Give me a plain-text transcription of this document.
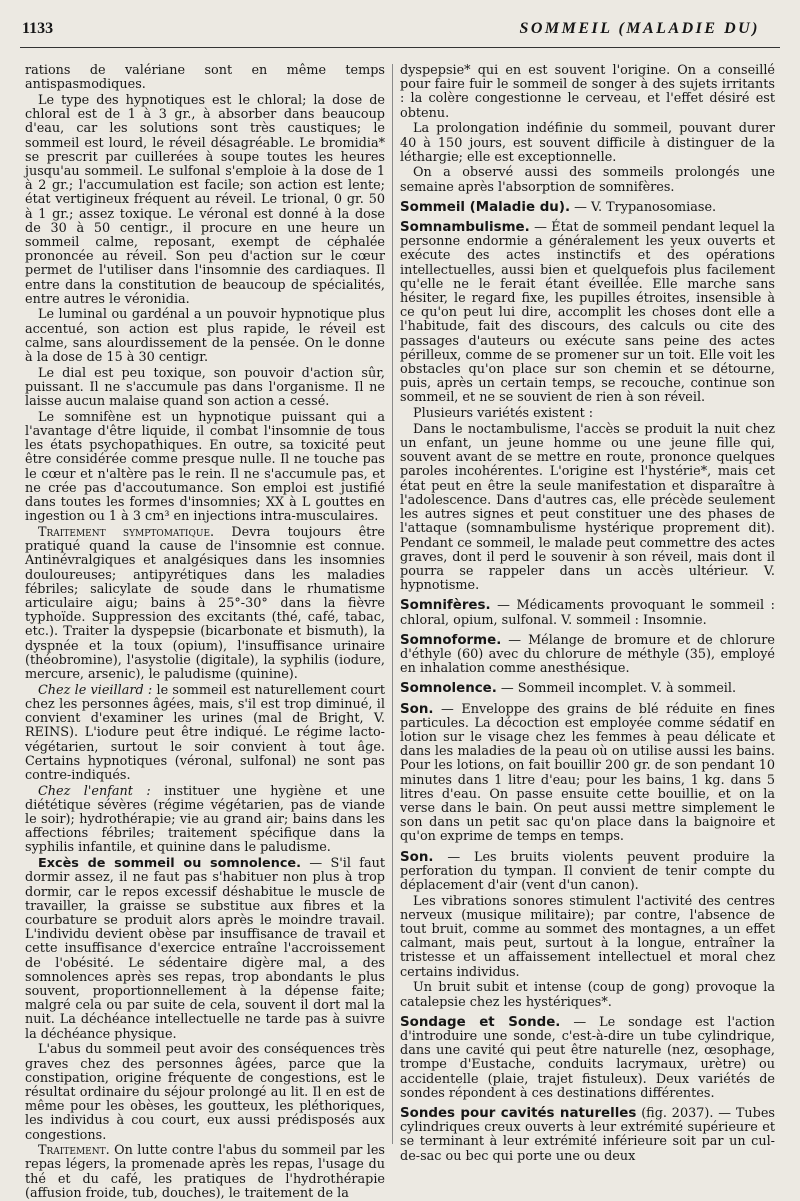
1133	SOMMEIL (MALADIE DU)

rations de valériane sont en même temps antispasmodiques.

Le type des hypnotiques est le chloral; la dose de chloral est de 1 à 3 gr., à absorber dans beaucoup d'eau, car les solutions sont très caustiques; le sommeil est lourd, le réveil désagréable. Le bromidia* se prescrit par cuillerées à soupe toutes les heures jusqu'au sommeil. Le sulfonal s'emploie à la dose de 1 à 2 gr.; l'accumulation est facile; son action est lente; état vertigineux fréquent au réveil. Le trional, 0 gr. 50 à 1 gr.; assez toxique. Le véronal est donné à la dose de 30 à 50 centigr., il procure en une heure un sommeil calme, reposant, exempt de céphalée prononcée au réveil. Son peu d'action sur le cœur permet de l'utiliser dans l'insomnie des cardiaques. Il entre dans la constitution de beaucoup de spécialités, entre autres le véronidia.

Le luminal ou gardénal a un pouvoir hypnotique plus accentué, son action est plus rapide, le réveil est calme, sans alourdissement de la pensée. On le donne à la dose de 15 à 30 centigr.

Le dial est peu toxique, son pouvoir d'action sûr, puissant. Il ne s'accumule pas dans l'organisme. Il ne laisse aucun malaise quand son action a cessé.

Le somnifène est un hypnotique puissant qui a l'avantage d'être liquide, il combat l'insomnie de tous les états psychopathiques. En outre, sa toxicité peut être considérée comme presque nulle. Il ne touche pas le cœur et n'altère pas le rein. Il ne s'accumule pas, et ne crée pas d'accoutumance. Son emploi est justifié dans toutes les formes d'insomnies; XX à L gouttes en ingestion ou 1 à 3 cm³ en injections intra-musculaires.

Traitement symptomatique. Devra toujours être pratiqué quand la cause de l'insomnie est connue. Antinévralgiques et analgésiques dans les insomnies douloureuses; antipyrétiques dans les maladies fébriles; salicylate de soude dans le rhumatisme articulaire aigu; bains à 25°-30° dans la fièvre typhoïde. Suppression des excitants (thé, café, tabac, etc.). Traiter la dyspepsie (bicarbonate et bismuth), la dyspnée et la toux (opium), l'insuffisance urinaire (théobromine), l'asystolie (digitale), la syphilis (iodure, mercure, arsenic), le paludisme (quinine).

Chez le vieillard : le sommeil est naturellement court chez les personnes âgées, mais, s'il est trop diminué, il convient d'examiner les urines (mal de Bright, V. REINS). L'iodure peut être indiqué. Le régime lacto-végétarien, surtout le soir convient à tout âge. Certains hypnotiques (véronal, sulfonal) ne sont pas contre-indiqués.

Chez l'enfant : instituer une hygiène et une diététique sévères (régime végétarien, pas de viande le soir); hydrothérapie; vie au grand air; bains dans les affections fébriles; traitement spécifique dans la syphilis infantile, et quinine dans le paludisme.

Excès de sommeil ou somnolence. — S'il faut dormir assez, il ne faut pas s'habituer non plus à trop dormir, car le repos excessif déshabitue le muscle de travailler, la graisse se substitue aux fibres et la courbature se produit alors après le moindre travail. L'individu devient obèse par insuffisance de travail et cette insuffisance d'exercice entraîne l'accroissement de l'obésité. Le sédentaire digère mal, a des somnolences après ses repas, trop abondants le plus souvent, proportionnellement à la dépense faite; malgré cela ou par suite de cela, souvent il dort mal la nuit. La déchéance intellectuelle ne tarde pas à suivre la déchéance physique.

L'abus du sommeil peut avoir des conséquences très graves chez des personnes âgées, parce que la constipation, origine fréquente de congestions, est le résultat ordinaire du séjour prolongé au lit. Il en est de même pour les obèses, les goutteux, les pléthoriques, les individus à cou court, eux aussi prédisposés aux congestions.

Traitement. On lutte contre l'abus du sommeil par les repas légers, la promenade après les repas, l'usage du thé et du café, les pratiques de l'hydrothérapie (affusion froide, tub, douches), le traitement de la

dyspepsie* qui en est souvent l'origine. On a conseillé pour faire fuir le sommeil de songer à des sujets irritants : la colère congestionne le cerveau, et l'effet désiré est obtenu.

La prolongation indéfinie du sommeil, pouvant durer 40 à 150 jours, est souvent difficile à distinguer de la léthargie; elle est exceptionnelle.

On a observé aussi des sommeils prolongés une semaine après l'absorption de somnifères.

Sommeil (Maladie du). — V. Trypanosomiase.

Somnambulisme. — État de sommeil pendant lequel la personne endormie a généralement les yeux ouverts et exécute des actes instinctifs et des opérations intellectuelles, aussi bien et quelquefois plus facilement qu'elle ne le ferait étant éveillée. Elle marche sans hésiter, le regard fixe, les pupilles étroites, insensible à ce qu'on peut lui dire, accomplit les choses dont elle a l'habitude, fait des discours, des calculs ou cite des passages d'auteurs ou exécute sans peine des actes périlleux, comme de se promener sur un toit. Elle voit les obstacles qu'on place sur son chemin et se détourne, puis, après un certain temps, se recouche, continue son sommeil, et ne se souvient de rien à son réveil.

Plusieurs variétés existent :

Dans le noctambulisme, l'accès se produit la nuit chez un enfant, un jeune homme ou une jeune fille qui, souvent avant de se mettre en route, prononce quelques paroles incohérentes. L'origine est l'hystérie*, mais cet état peut en être la seule manifestation et disparaître à l'adolescence. Dans d'autres cas, elle précède seulement les autres signes et peut constituer une des phases de l'attaque (somnambulisme hystérique proprement dit). Pendant ce sommeil, le malade peut commettre des actes graves, dont il perd le souvenir à son réveil, mais dont il pourra se rappeler dans un accès ultérieur. V. hypnotisme.

Somnifères. — Médicaments provoquant le sommeil : chloral, opium, sulfonal. V. sommeil : Insomnie.

Somnoforme. — Mélange de bromure et de chlorure d'éthyle (60) avec du chlorure de méthyle (35), employé en inhalation comme anesthésique.

Somnolence. — Sommeil incomplet. V. à sommeil.

Son. — Enveloppe des grains de blé réduite en fines particules. La décoction est employée comme sédatif en lotion sur le visage chez les femmes à peau délicate et dans les maladies de la peau où on utilise aussi les bains. Pour les lotions, on fait bouillir 200 gr. de son pendant 10 minutes dans 1 litre d'eau; pour les bains, 1 kg. dans 5 litres d'eau. On passe ensuite cette bouillie, et on la verse dans le bain. On peut aussi mettre simplement le son dans un petit sac qu'on place dans la baignoire et qu'on exprime de temps en temps.

Son. — Les bruits violents peuvent produire la perforation du tympan. Il convient de tenir compte du déplacement d'air (vent d'un canon).

Les vibrations sonores stimulent l'activité des centres nerveux (musique militaire); par contre, l'absence de tout bruit, comme au sommet des montagnes, a un effet calmant, mais peut, surtout à la longue, entraîner la tristesse et un affaissement intellectuel et moral chez certains individus.

Un bruit subit et intense (coup de gong) provoque la catalepsie chez les hystériques*.

Sondage et Sonde. — Le sondage est l'action d'introduire une sonde, c'est-à-dire un tube cylindrique, dans une cavité qui peut être naturelle (nez, œsophage, trompe d'Eustache, conduits lacrymaux, urètre) ou accidentelle (plaie, trajet fistuleux). Deux variétés de sondes répondent à ces destinations différentes.

Sondes pour cavités naturelles (fig. 2037). — Tubes cylindriques creux ouverts à leur extrémité supérieure et se terminant à leur extrémité inférieure soit par un cul-de-sac ou bec qui porte une ou deux
